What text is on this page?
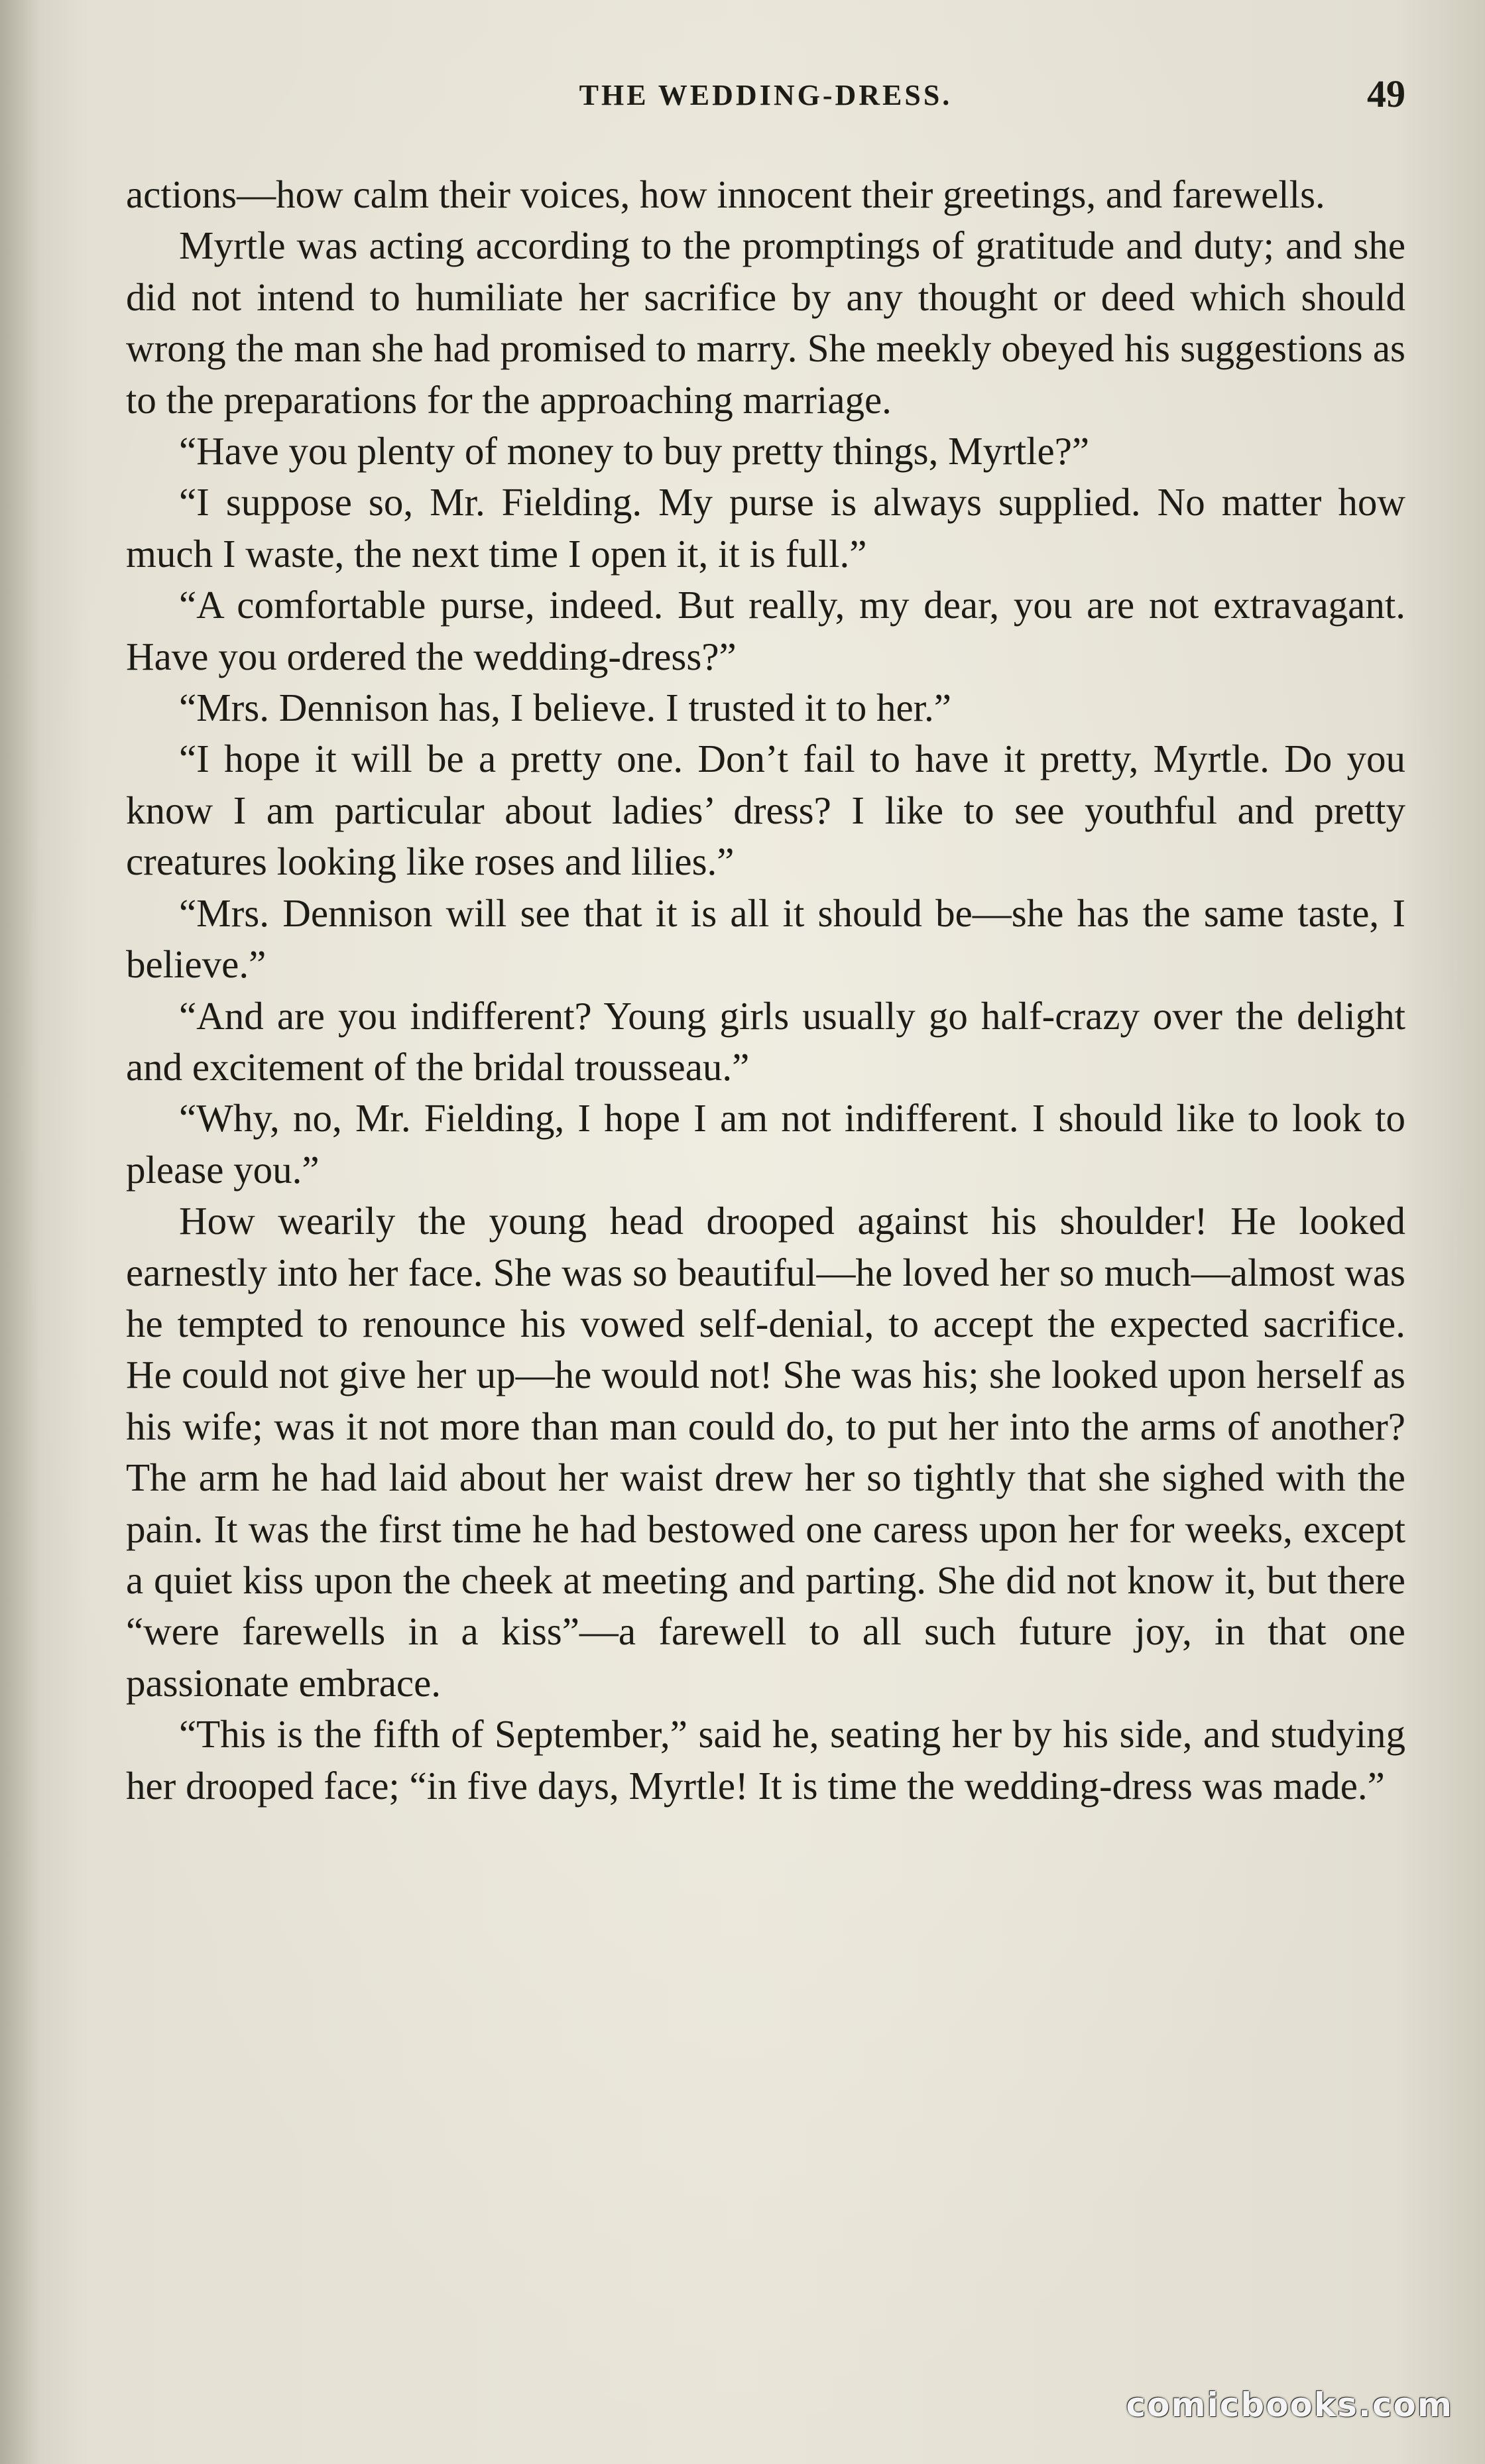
THE WEDDING-DRESS.	49

actions—how calm their voices, how innocent their greetings, and farewells.

Myrtle was acting according to the promptings of gratitude and duty; and she did not intend to humiliate her sacrifice by any thought or deed which should wrong the man she had promised to marry. She meekly obeyed his suggestions as to the preparations for the approaching marriage.

“Have you plenty of money to buy pretty things, Myrtle?”

“I suppose so, Mr. Fielding. My purse is always supplied. No matter how much I waste, the next time I open it, it is full.”

“A comfortable purse, indeed. But really, my dear, you are not extravagant. Have you ordered the wedding-dress?”

“Mrs. Dennison has, I believe. I trusted it to her.”

“I hope it will be a pretty one. Don’t fail to have it pretty, Myrtle. Do you know I am particular about ladies’ dress? I like to see youthful and pretty creatures looking like roses and lilies.”

“Mrs. Dennison will see that it is all it should be—she has the same taste, I believe.”

“And are you indifferent? Young girls usually go half-crazy over the delight and excitement of the bridal trousseau.”

“Why, no, Mr. Fielding, I hope I am not indifferent. I should like to look to please you.”

How wearily the young head drooped against his shoulder! He looked earnestly into her face. She was so beautiful—he loved her so much—almost was he tempted to renounce his vowed self-denial, to accept the expected sacrifice. He could not give her up—he would not! She was his; she looked upon herself as his wife; was it not more than man could do, to put her into the arms of another? The arm he had laid about her waist drew her so tightly that she sighed with the pain. It was the first time he had bestowed one caress upon her for weeks, except a quiet kiss upon the cheek at meeting and parting. She did not know it, but there “were farewells in a kiss”—a farewell to all such future joy, in that one passionate embrace.

“This is the fifth of September,” said he, seating her by his side, and studying her drooped face; “in five days, Myrtle! It is time the wedding-dress was made.”

comicbooks.com
